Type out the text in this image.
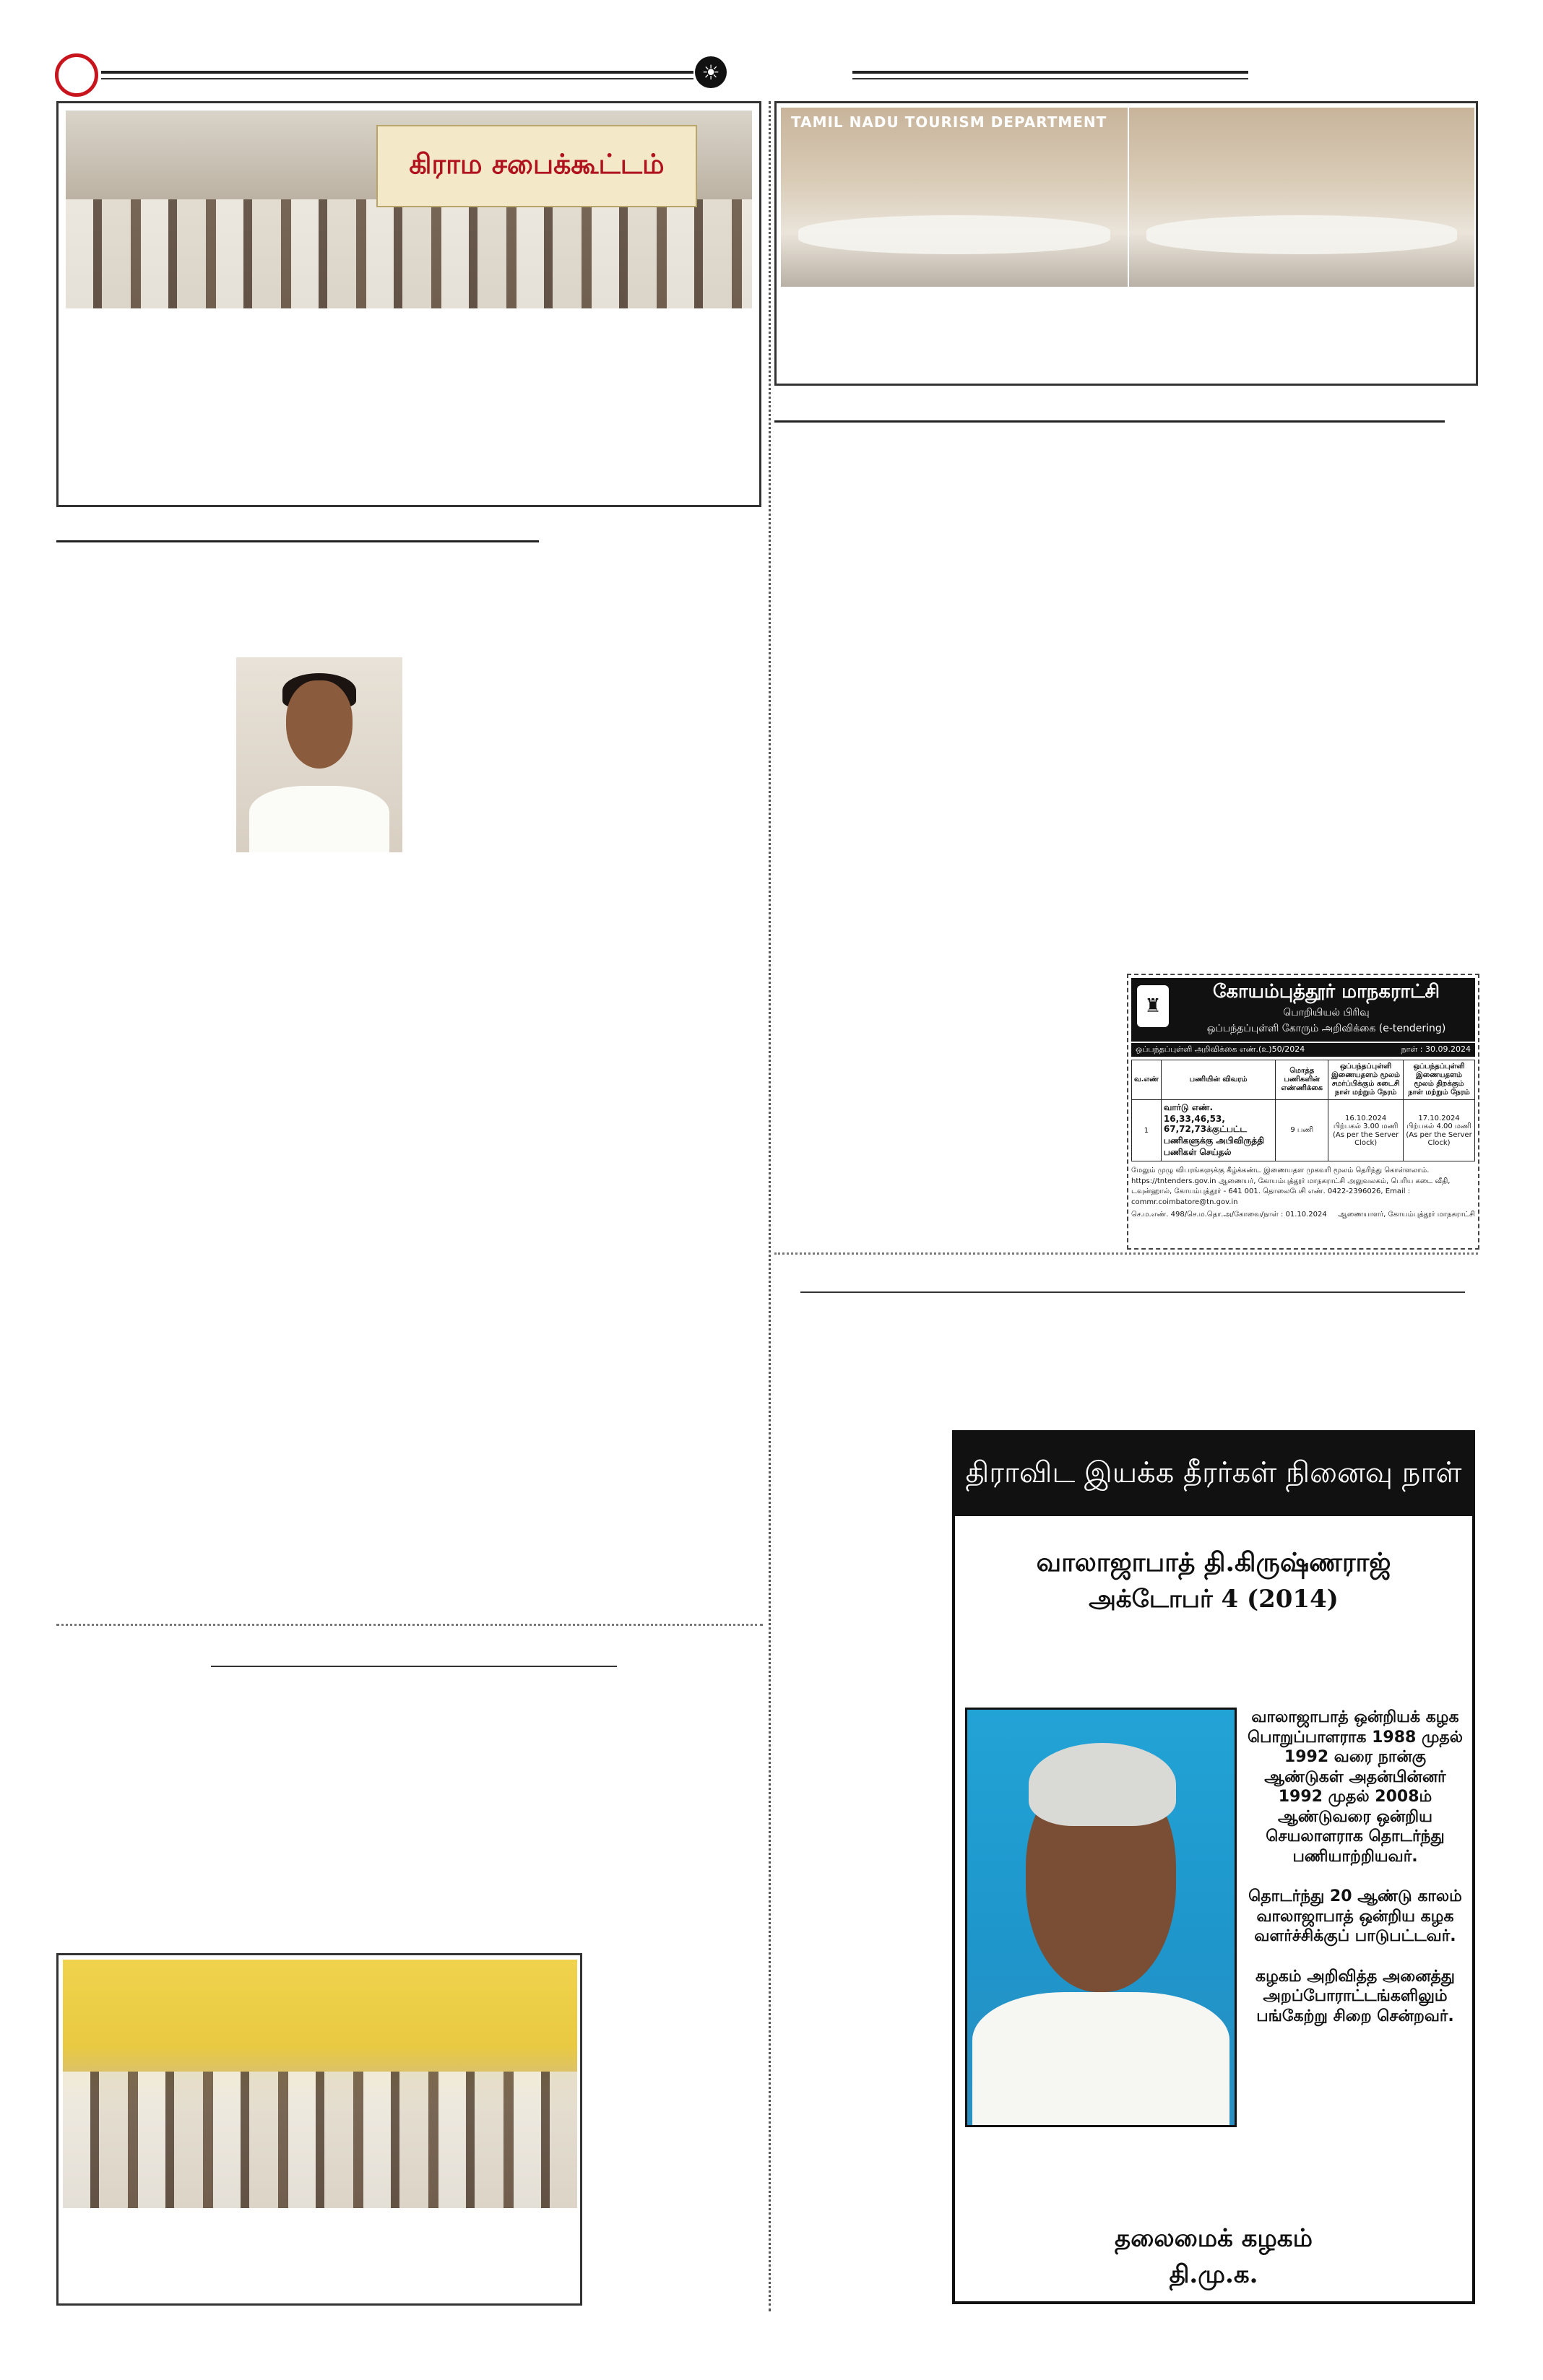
☀
கிராம சபைக்கூட்டம்
TAMIL NADU TOURISM DEPARTMENT
♜
கோயம்புத்தூர் மாநகராட்சி
பொறியியல் பிரிவு
ஒப்பந்தப்புள்ளி கோரும் அறிவிக்கை (e-tendering)
ஒப்பந்தப்புள்ளி அறிவிக்கை எண்.(உ)50/2024	நாள் : 30.09.2024
வ.எண்	பணியின் விவரம்	மொத்த பணிகளின் எண்ணிக்கை	ஒப்பந்தப்புள்ளி இணையதளம் மூலம் சமர்ப்பிக்கும் கடைசி நாள் மற்றும் நேரம்	ஒப்பந்தப்புள்ளி இணையதளம் மூலம் திறக்கும் நாள் மற்றும் நேரம்
1	வார்டு எண். 16,33,46,53, 67,72,73க்குட்பட்ட பணிகளுக்கு அபிவிருத்தி பணிகள் செய்தல்	9 பணி	16.10.2024 பிற்பகல் 3.00 மணி (As per the Server Clock)	17.10.2024 பிற்பகல் 4.00 மணி (As per the Server Clock)
மேலும் முழு விபரங்களுக்கு கீழ்க்கண்ட இணையதள முகவரி மூலம் தெரிந்து கொள்ளலாம். https://tntenders.gov.in ஆணையர், கோயம்புத்தூர் மாநகராட்சி அலுவலகம், பெரிய கடை வீதி, டவுன்ஹால், கோயம்புத்தூர் - 641 001. தொலைபேசி எண். 0422-2396026, Email : commr.coimbatore@tn.gov.in
செ.ம.எண். 498/செ.ம.தொ.அ/கோவை/நாள் : 01.10.2024 ஆணையாளர், கோயம்புத்தூர் மாநகராட்சி
திராவிட இயக்க தீரர்கள் நினைவு நாள்
வாலாஜாபாத் தி.கிருஷ்ணராஜ்
அக்டோபர் 4 (2014)

வாலாஜாபாத் ஒன்றியக் கழக பொறுப்பாளராக 1988 முதல் 1992 வரை நான்கு ஆண்டுகள் அதன்பின்னர் 1992 முதல் 2008ம் ஆண்டுவரை ஒன்றிய செயலாளராக தொடர்ந்து பணியாற்றியவர்.

தொடர்ந்து 20 ஆண்டு காலம் வாலாஜாபாத் ஒன்றிய கழக வளர்ச்சிக்குப் பாடுபட்டவர்.

கழகம் அறிவித்த அனைத்து அறப்போராட்டங்களிலும் பங்கேற்று சிறை சென்றவர்.

தலைமைக் கழகம்
தி.மு.க.
